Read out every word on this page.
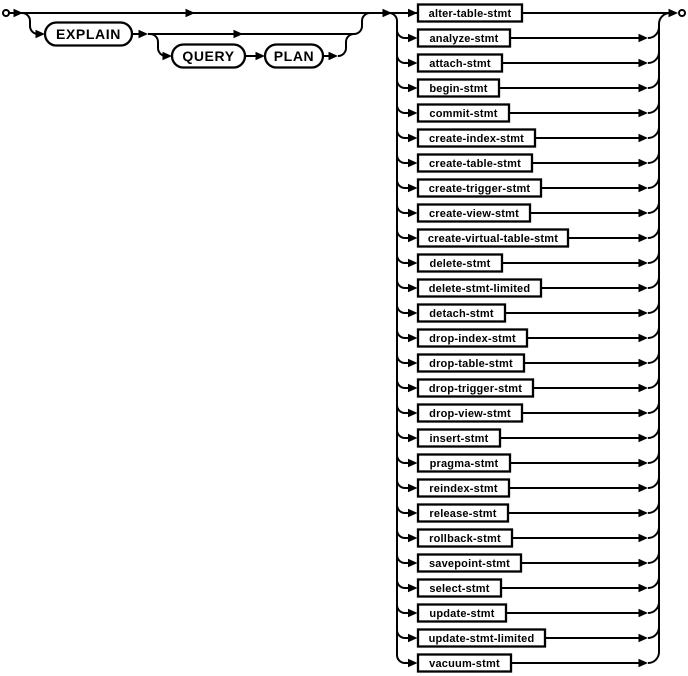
alter-table-stmt
analyze-stmt
attach-stmt
begin-stmt
commit-stmt
create-index-stmt
create-table-stmt
create-trigger-stmt
create-view-stmt
create-virtual-table-stmt
delete-stmt
delete-stmt-limited
detach-stmt
drop-index-stmt
drop-table-stmt
drop-trigger-stmt
drop-view-stmt
insert-stmt
pragma-stmt
reindex-stmt
release-stmt
rollback-stmt
savepoint-stmt
select-stmt
update-stmt
update-stmt-limited
vacuum-stmt
EXPLAIN
QUERY	PLAN
